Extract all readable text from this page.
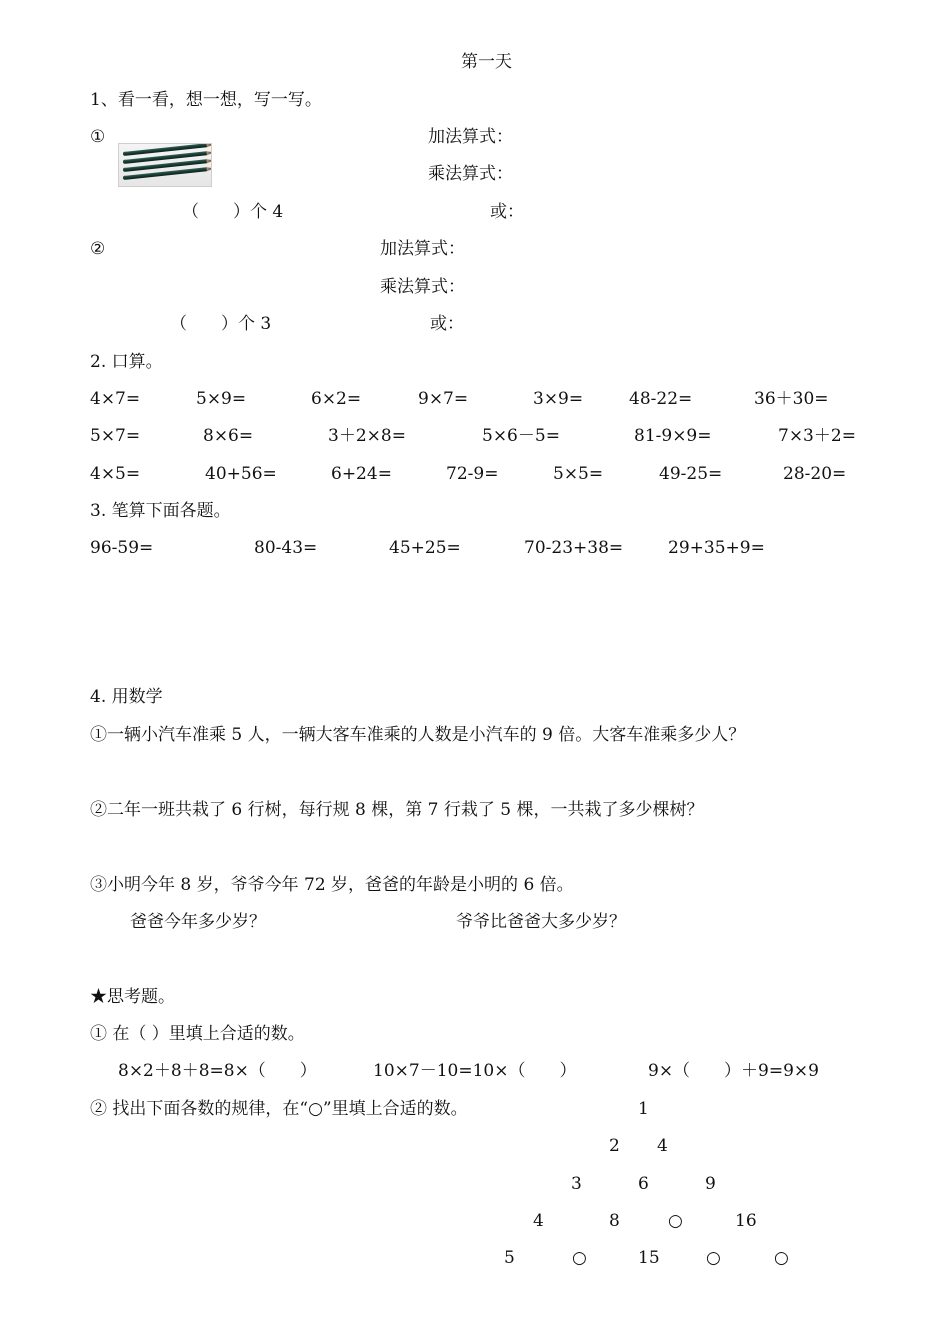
第一天
1、看一看，想一想，写一写。
①	加法算式：
乘法算式：
（　　）个 4	或：
②	加法算式：
乘法算式：
（　　）个 3	或：
2. 口算。
4×7=	5×9=	6×2=	9×7=	3×9=	48-22=	36＋30=
5×7=	8×6=	3＋2×8=	5×6－5=	81-9×9=	7×3＋2=
4×5=	40+56=	6+24=	72-9=	5×5=	49-25=	28-20=
3. 笔算下面各题。
96-59=	80-43=	45+25=	70-23+38=	29+35+9=
4. 用数学
①一辆小汽车准乘 5 人，一辆大客车准乘的人数是小汽车的 9 倍。大客车准乘多少人？
②二年一班共栽了 6 行树，每行规 8 棵，第 7 行栽了 5 棵，一共栽了多少棵树？
③小明今年 8 岁，爷爷今年 72 岁，爸爸的年龄是小明的 6 倍。
爸爸今年多少岁？	爷爷比爸爸大多少岁？
★思考题。
① 在（ ）里填上合适的数。
8×2＋8＋8=8×（　　）	10×7－10=10×（　　）	9×（　　）＋9=9×9
② 找出下面各数的规律，在“○”里填上合适的数。	1
2 4
3	6	9
4	8	○	16
5	○	15	○	○
